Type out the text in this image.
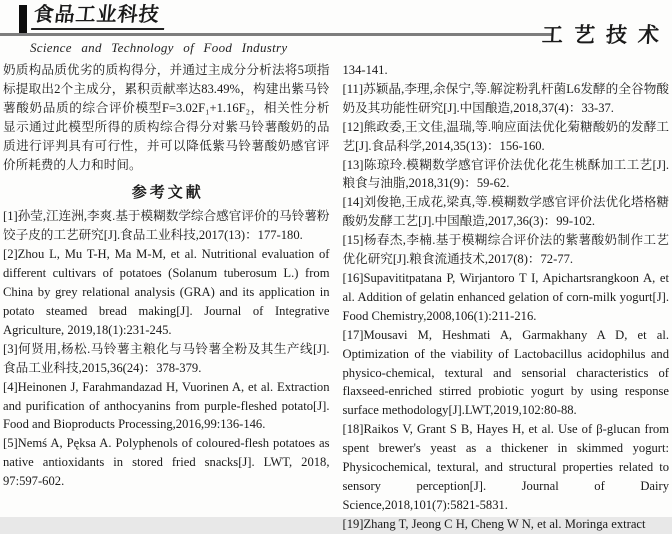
食品工业科技
Science and Technology of Food Industry
工艺技术

奶质构品质优劣的质构得分，并通过主成分分析法将5项指标提取出2个主成分，累积贡献率达83.49%，构建出紫马铃薯酸奶品质的综合评价模型F=3.02F₁+1.16F₂，相关性分析显示通过此模型所得的质构综合得分对紫马铃薯酸奶的品质进行评判具有可行性，并可以降低紫马铃薯酸奶感官评价所耗费的人力和时间。

参考文献

[1]孙莹,江连洲,李爽.基于模糊数学综合感官评价的马铃薯粉饺子皮的工艺研究[J].食品工业科技,2017(13)：177-180.

[2]Zhou L, Mu T-H, Ma M-M, et al. Nutritional evaluation of different cultivars of potatoes (Solanum tuberosum L.) from China by grey relational analysis (GRA) and its application in potato steamed bread making[J]. Journal of Integrative Agriculture, 2019,18(1):231-245.

[3]何贤用,杨松.马铃薯主粮化与马铃薯全粉及其生产线[J].食品工业科技,2015,36(24)：378-379.

[4]Heinonen J, Farahmandazad H, Vuorinen A, et al. Extraction and purification of anthocyanins from purple-fleshed potato[J]. Food and Bioproducts Processing,2016,99:136-146.

[5]Nemś A, Pęksa A. Polyphenols of coloured-flesh potatoes as native antioxidants in stored fried snacks[J]. LWT, 2018, 97:597-602.

134-141.

[11]苏颖晶,李理,余保宁,等.解淀粉乳杆菌L6发酵的全谷物酸奶及其功能性研究[J].中国酿造,2018,37(4)：33-37.

[12]熊政委,王文佳,温瑞,等.响应面法优化菊糖酸奶的发酵工艺[J].食品科学,2014,35(13)：156-160.

[13]陈琼玲.模糊数学感官评价法优化花生桃酥加工工艺[J].粮食与油脂,2018,31(9)：59-62.

[14]刘俊艳,王成花,梁真,等.模糊数学感官评价法优化塔格糖酸奶发酵工艺[J].中国酿造,2017,36(3)：99-102.

[15]杨春杰,李楠.基于模糊综合评价法的紫薯酸奶制作工艺优化研究[J].粮食流通技术,2017(8)：72-77.

[16]Supavititpatana P, Wirjantoro T I, Apichartsrangkoon A, et al. Addition of gelatin enhanced gelation of corn-milk yogurt[J]. Food Chemistry,2008,106(1):211-216.

[17]Mousavi M, Heshmati A, Garmakhany A D, et al. Optimization of the viability of Lactobacillus acidophilus and physico-chemical, textural and sensorial characteristics of flaxseed-enriched stirred probiotic yogurt by using response surface methodology[J].LWT,2019,102:80-88.

[18]Raikos V, Grant S B, Hayes H, et al. Use of β-glucan from spent brewer's yeast as a thickener in skimmed yogurt: Physicochemical, textural, and structural properties related to sensory perception[J]. Journal of Dairy Science,2018,101(7):5821-5831.

[19]Zhang T, Jeong C H, Cheng W N, et al. Moringa extract
